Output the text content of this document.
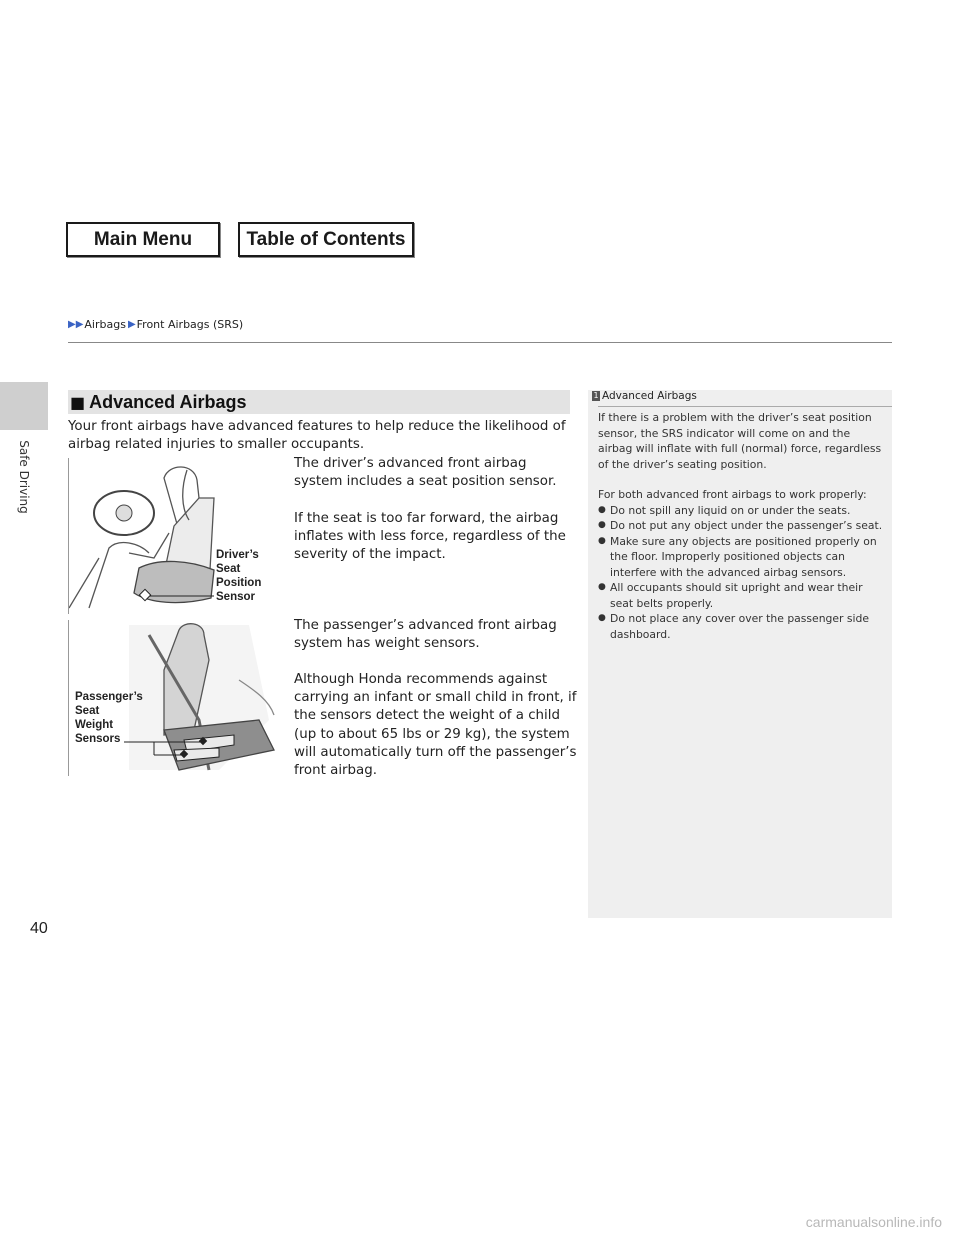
Safe Driving
Main Menu	Table of Contents
▶▶ Airbags ▶ Front Airbags (SRS)
■ Advanced Airbags
Your front airbags have advanced features to help reduce the likelihood of airbag related injuries to smaller occupants.
Driver’s
Seat
Position
Sensor
The driver’s advanced front airbag system includes a seat position sensor.
If the seat is too far forward, the airbag inflates with less force, regardless of the severity of the impact.
Passenger’s
Seat
Weight
Sensors
The passenger’s advanced front airbag system has weight sensors.
Although Honda recommends against carrying an infant or small child in front, if the sensors detect the weight of a child (up to about 65 lbs or 29 kg), the system will automatically turn off the passenger’s front airbag.
1 Advanced Airbags

If there is a problem with the driver’s seat position sensor, the SRS indicator will come on and the airbag will inflate with full (normal) force, regardless of the driver’s seating position.

For both advanced front airbags to work properly:
● Do not spill any liquid on or under the seats.
● Do not put any object under the passenger’s seat.
● Make sure any objects are positioned properly on the floor. Improperly positioned objects can interfere with the advanced airbag sensors.
● All occupants should sit upright and wear their seat belts properly.
● Do not place any cover over the passenger side dashboard.
40
carmanualsonline.info
